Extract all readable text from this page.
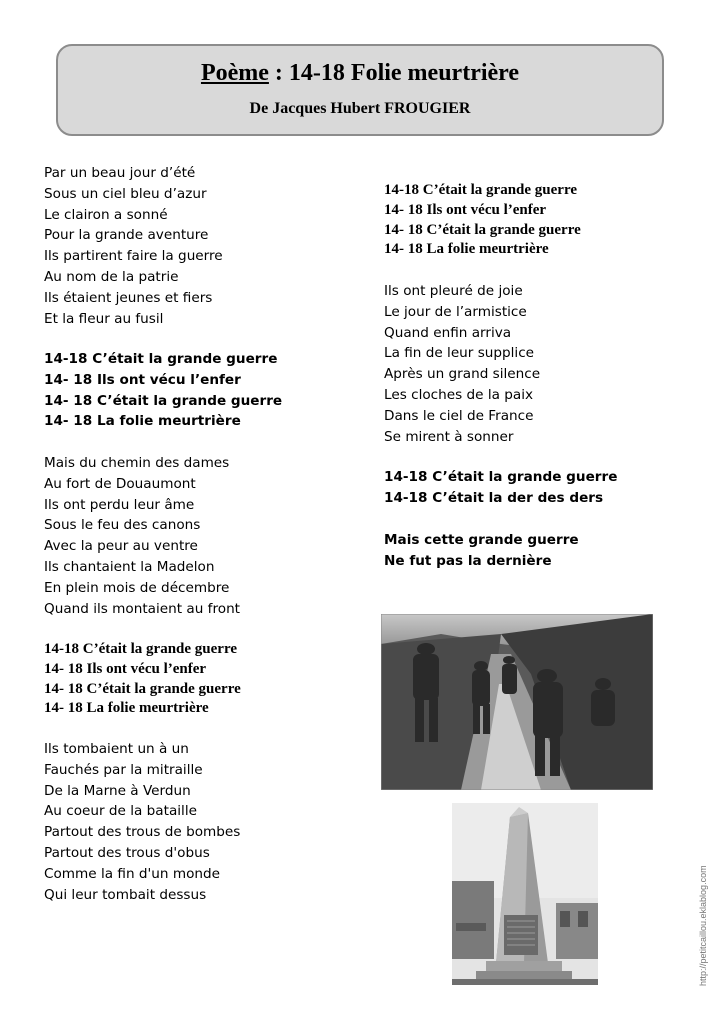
Poème : 14-18 Folie meurtrière
De Jacques Hubert FROUGIER
Par un beau jour d’été
Sous un ciel bleu d’azur
Le clairon a sonné
Pour la grande aventure
Ils partirent faire la guerre
Au nom de la patrie
Ils étaient jeunes et fiers
Et la fleur au fusil
14-18 C’était la grande guerre
14- 18 Ils ont vécu l’enfer
14- 18 C’était la grande guerre
14- 18 La folie meurtrière
Mais du chemin des dames
Au fort de Douaumont
Ils ont perdu leur âme
Sous le feu des canons
Avec la peur au ventre
Ils chantaient la Madelon
En plein mois de décembre
Quand ils montaient au front
14-18 C’était la grande guerre
14- 18 Ils ont vécu l’enfer
14- 18 C’était la grande guerre
14- 18 La folie meurtrière
Ils tombaient un à un
Fauchés par la mitraille
De la Marne à Verdun
Au coeur de la bataille
Partout des trous de bombes
Partout des trous d'obus
Comme la fin d'un monde
Qui leur tombait dessus
14-18 C’était la grande guerre
14- 18 Ils ont vécu l’enfer
14- 18 C’était la grande guerre
14- 18 La folie meurtrière
Ils ont pleuré de joie
Le jour de l’armistice
Quand enfin arriva
La fin de leur supplice
Après un grand silence
Les cloches de la paix
Dans le ciel de France
Se mirent à sonner
14-18 C’était la grande guerre
14-18 C’était la der des ders
Mais cette grande guerre
Ne fut pas la dernière
http://petitcaillou.eklablog.com
